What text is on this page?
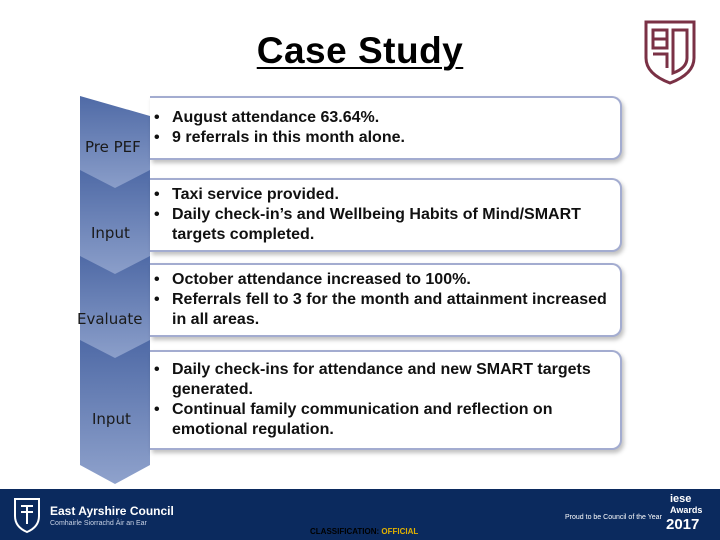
Case Study
Pre PEF
Input
Evaluate
Input
• August attendance 63.64%.
• 9 referrals in this month alone.
• Taxi service provided.
• Daily check-in’s and Wellbeing Habits of Mind/SMART targets completed.
• October attendance increased to 100%.
• Referrals fell to 3 for the month and attainment increased in all areas.
• Daily check-ins for attendance and new SMART targets generated.
• Continual family communication and reflection on emotional regulation.
East Ayrshire Council
Comhairle Siorrachd Àir an Ear
CLASSIFICATION: OFFICIAL
iese
Awards
2017
Proud to be Council of the Year
